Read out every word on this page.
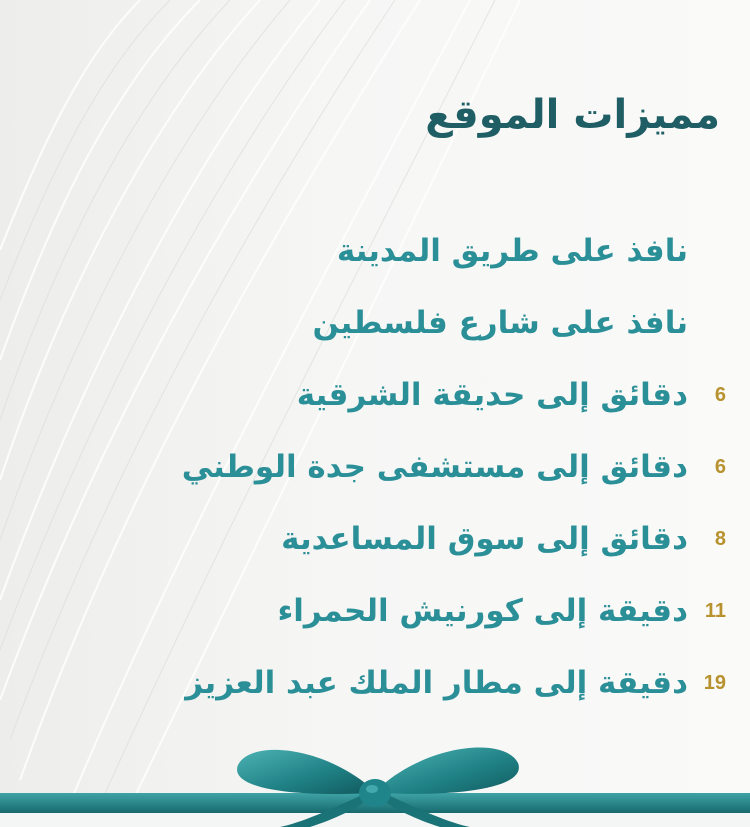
مميزات الموقع
نافذ على طريق المدينة
نافذ على شارع فلسطين
6
دقائق إلى حديقة الشرقية
6
دقائق إلى مستشفى جدة الوطني
8
دقائق إلى سوق المساعدية
11
دقيقة إلى كورنيش الحمراء
19
دقيقة إلى مطار الملك عبد العزيز
